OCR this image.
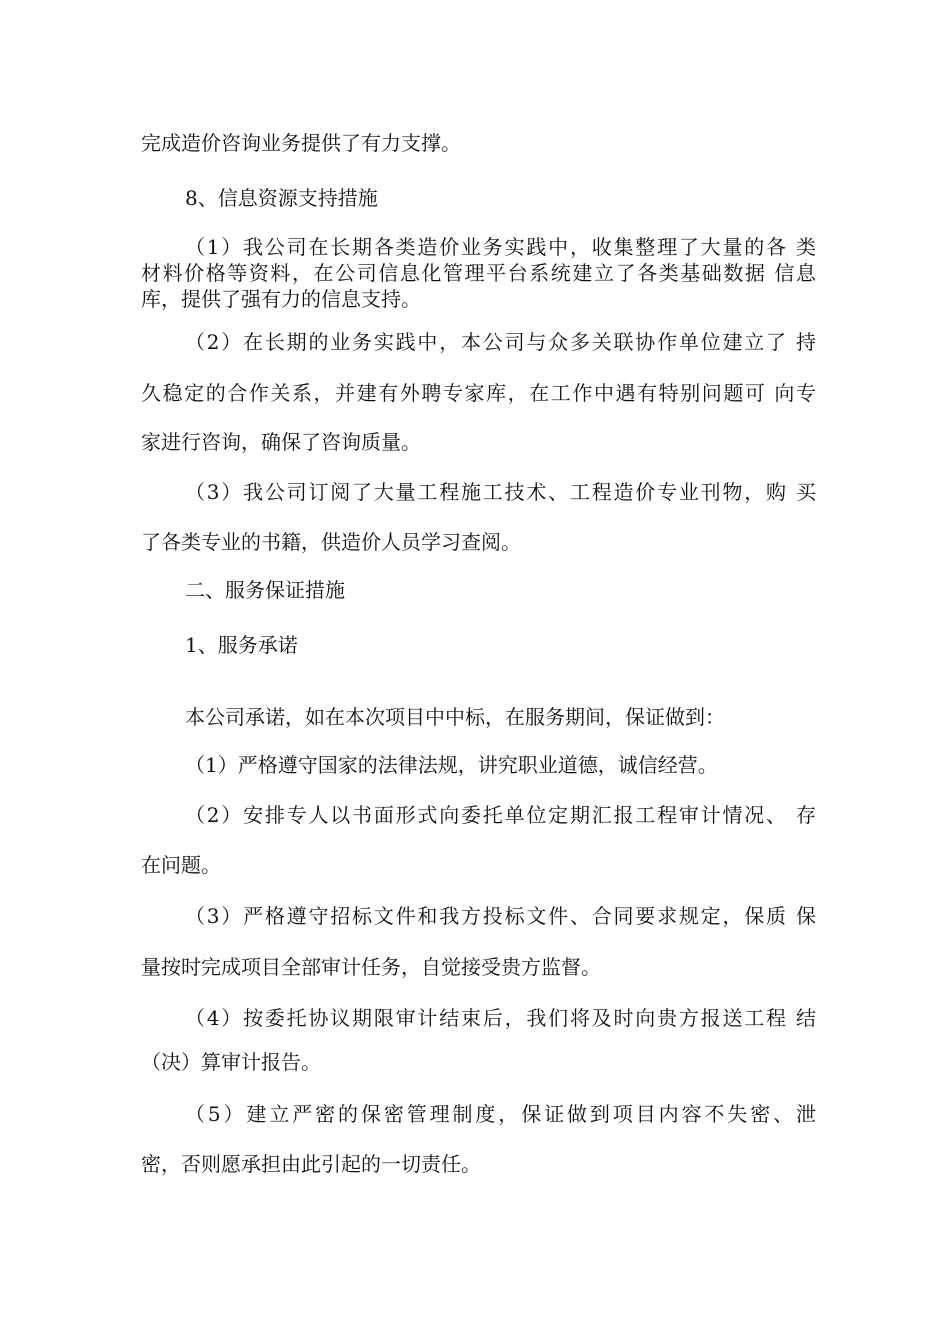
完成造价咨询业务提供了有力支撑。
8、信息资源支持措施
（1）我公司在长期各类造价业务实践中，收集整理了大量的各 类
材料价格等资料，在公司信息化管理平台系统建立了各类基础数据 信息
库，提供了强有力的信息支持。
（2）在长期的业务实践中，本公司与众多关联协作单位建立了 持
久稳定的合作关系，并建有外聘专家库，在工作中遇有特别问题可 向专
家进行咨询，确保了咨询质量。
（3）我公司订阅了大量工程施工技术、工程造价专业刊物，购 买
了各类专业的书籍，供造价人员学习查阅。
二、服务保证措施
1、服务承诺
本公司承诺，如在本次项目中中标，在服务期间，保证做到：
（1）严格遵守国家的法律法规，讲究职业道德，诚信经营。
（2）安排专人以书面形式向委托单位定期汇报工程审计情况、 存
在问题。
（3）严格遵守招标文件和我方投标文件、合同要求规定，保质 保
量按时完成项目全部审计任务，自觉接受贵方监督。
（4）按委托协议期限审计结束后，我们将及时向贵方报送工程 结
（决）算审计报告。
（5）建立严密的保密管理制度，保证做到项目内容不失密、泄
密，否则愿承担由此引起的一切责任。
